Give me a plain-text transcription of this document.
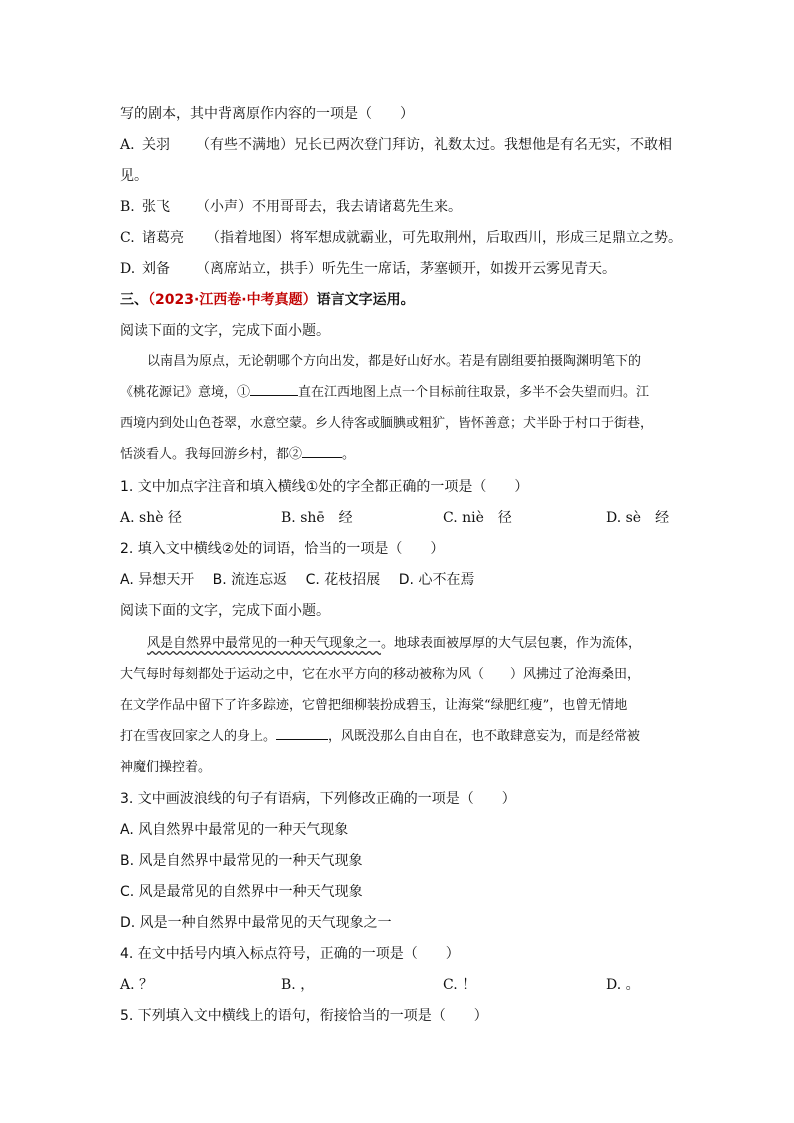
写的剧本，其中背离原作内容的一项是（　　）
A. 关羽 （有些不满地）兄长已两次登门拜访，礼数太过。我想他是有名无实，不敢相
见。
B. 张飞 （小声）不用哥哥去，我去请诸葛先生来。
C. 诸葛亮 （指着地图）将军想成就霸业，可先取荆州，后取西川，形成三足鼎立之势。
D. 刘备 （离席站立，拱手）听先生一席话，茅塞顿开，如拨开云雾见青天。
三、（2023·江西卷·中考真题）语言文字运用。
阅读下面的文字，完成下面小题。

以南昌为原点，无论朝哪个方向出发，都是好山好水。若是有剧组要拍摄陶渊明笔下的

《桃花源记》意境，①	直在江西地图上点一个目标前往取景，多半不会失望而归。江

西境内到处山色苍翠，水意空蒙。乡人待客或腼腆或粗犷，皆怀善意；犬半卧于村口于街巷，

恬淡看人。我每回游乡村，都②	。

1. 文中加点字注音和填入横线①处的字全都正确的一项是（　　）
A. shè 径	B. shē　经	C. niè　径	D. sè　经
2. 填入文中横线②处的词语，恰当的一项是（　　）
A. 异想天开　 B. 流连忘返　 C. 花枝招展　 D. 心不在焉
阅读下面的文字，完成下面小题。

风是自然界中最常见的一种天气现象之一。地球表面被厚厚的大气层包裹，作为流体，

大气每时每刻都处于运动之中，它在水平方向的移动被称为风（ ）风拂过了沧海桑田，

在文学作品中留下了许多踪迹，它曾把细柳装扮成碧玉，让海棠“绿肥红瘦”，也曾无情地

打在雪夜回家之人的身上。	，风既没那么自由自在，也不敢肆意妄为，而是经常被

神魔们操控着。

3. 文中画波浪线的句子有语病，下列修改正确的一项是（　　）
A. 风自然界中最常见的一种天气现象
B. 风是自然界中最常见的一种天气现象
C. 风是最常见的自然界中一种天气现象
D. 风是一种自然界中最常见的天气现象之一
4. 在文中括号内填入标点符号，正确的一项是（　　）
A. ？	B. ，	C. ！	D. 。
5. 下列填入文中横线上的语句，衔接恰当的一项是（　　）
